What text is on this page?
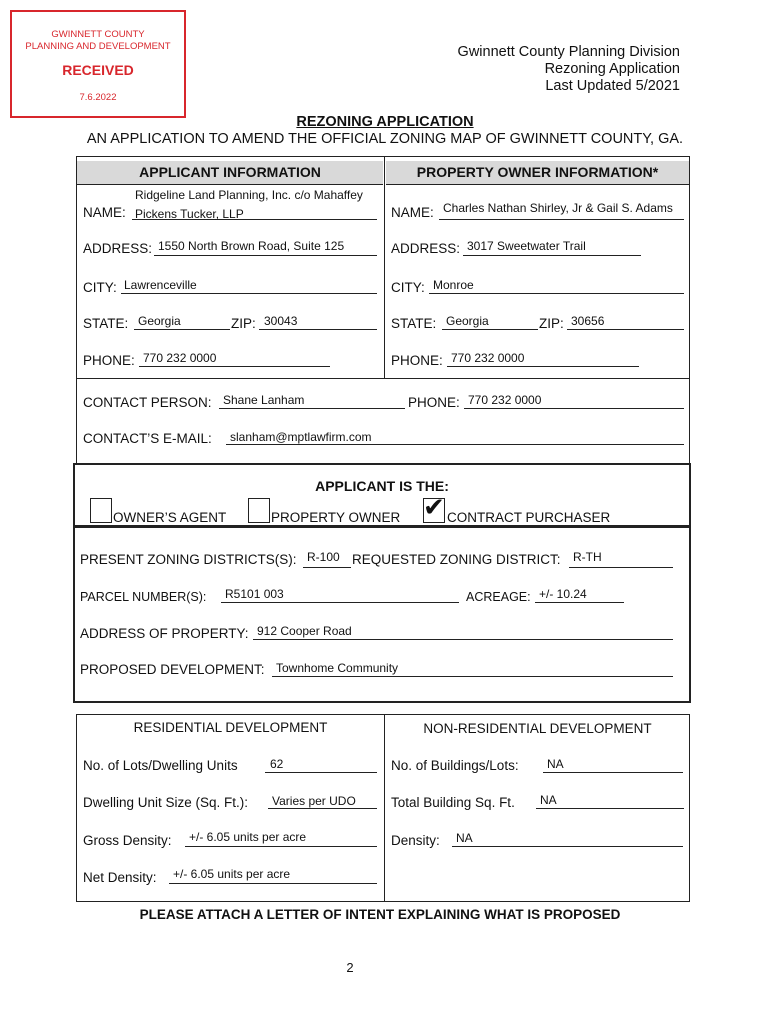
GWINNETT COUNTY
PLANNING AND DEVELOPMENT
RECEIVED
7.6.2022
Gwinnett County Planning Division
Rezoning Application
Last Updated 5/2021
REZONING APPLICATION
AN APPLICATION TO AMEND THE OFFICIAL ZONING MAP OF GWINNETT COUNTY, GA.
APPLICANT INFORMATION	PROPERTY OWNER INFORMATION*
NAME:
Ridgeline Land Planning, Inc. c/o Mahaffey
Pickens Tucker, LLP
ADDRESS: 1550 North Brown Road, Suite 125
CITY: Lawrenceville
STATE: Georgia	ZIP: 30043
PHONE: 770 232 0000
NAME: Charles Nathan Shirley, Jr & Gail S. Adams
ADDRESS: 3017 Sweetwater Trail
CITY: Monroe
STATE: Georgia	ZIP: 30656
PHONE: 770 232 0000
CONTACT PERSON: Shane Lanham	PHONE: 770 232 0000
CONTACT’S E-MAIL: slanham@mptlawfirm.com
APPLICANT IS THE:
OWNER’S AGENT	PROPERTY OWNER ✔ CONTRACT PURCHASER
PRESENT ZONING DISTRICTS(S): R-100 REQUESTED ZONING DISTRICT: R-TH
PARCEL NUMBER(S): R5101 003	ACREAGE: +/- 10.24
ADDRESS OF PROPERTY: 912 Cooper Road
PROPOSED DEVELOPMENT: Townhome Community
RESIDENTIAL DEVELOPMENT	NON-RESIDENTIAL DEVELOPMENT
No. of Lots/Dwelling Units	62
Dwelling Unit Size (Sq. Ft.): Varies per UDO
Gross Density: +/- 6.05 units per acre
Net Density: +/- 6.05 units per acre
No. of Buildings/Lots: NA
Total Building Sq. Ft. NA
Density: NA
PLEASE ATTACH A LETTER OF INTENT EXPLAINING WHAT IS PROPOSED
2
